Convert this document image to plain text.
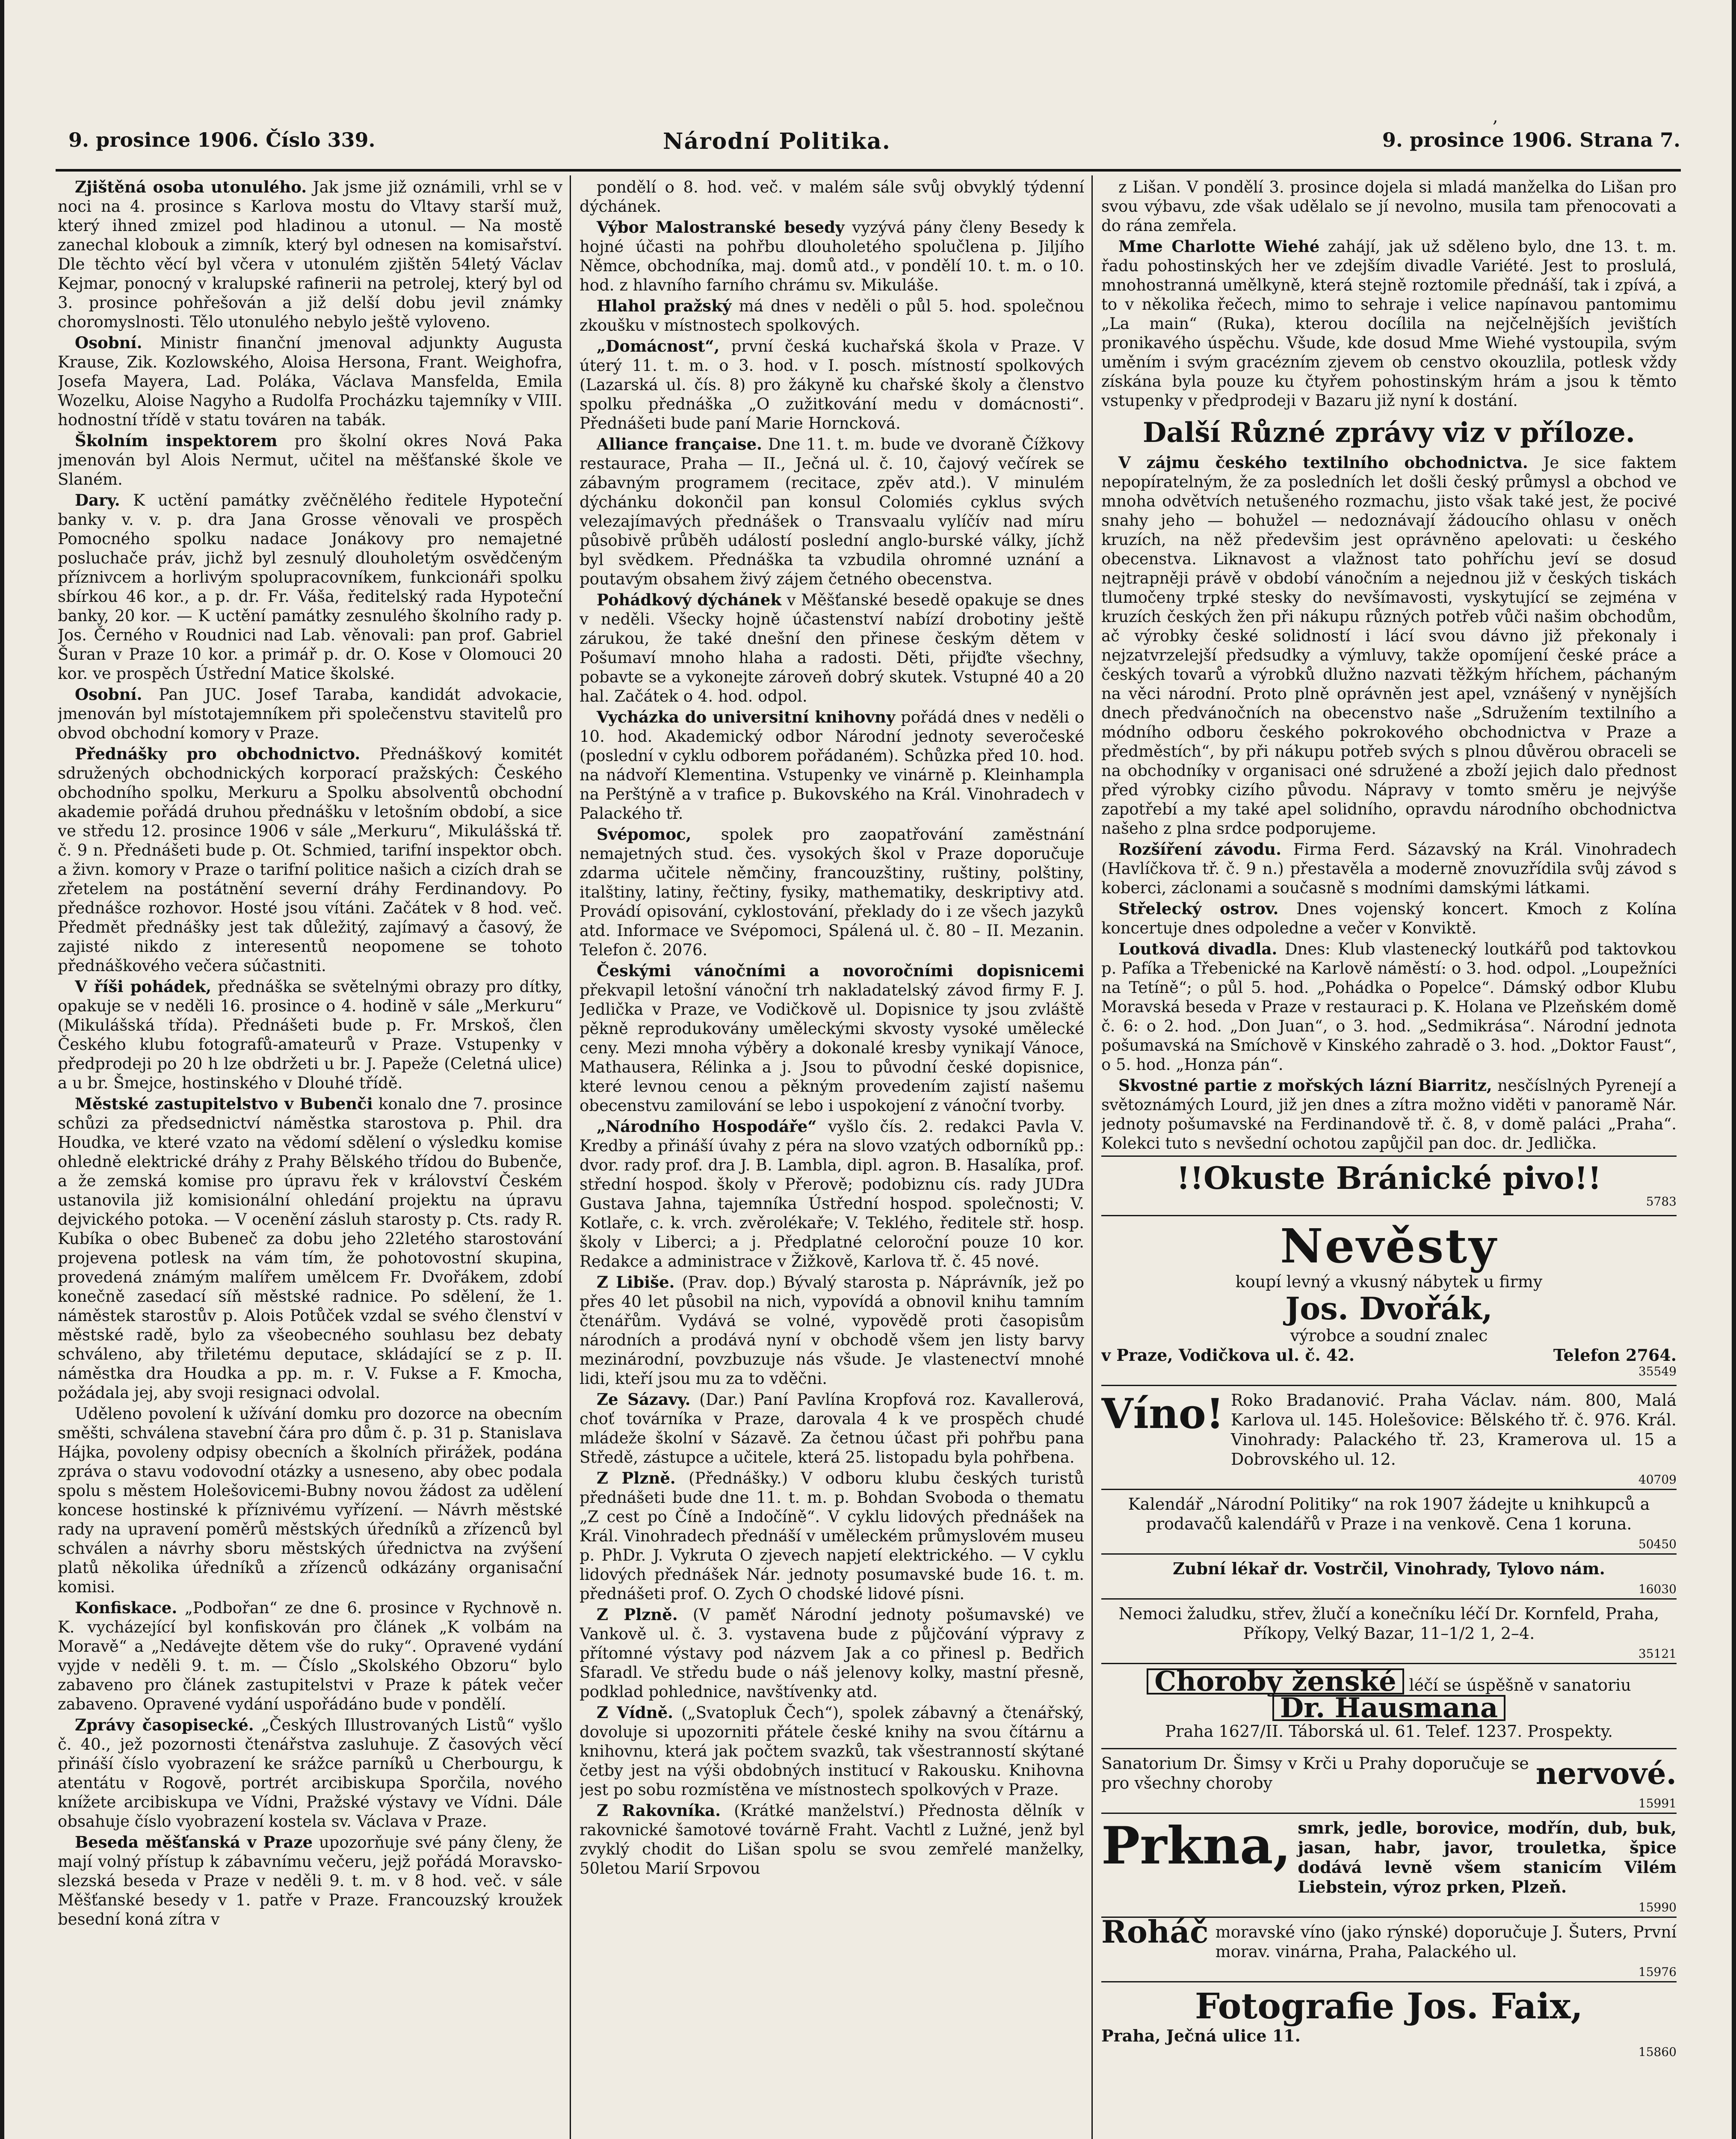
9. prosince 1906. Číslo 339.	Národní Politika.	9. prosince 1906. Strana 7.
,

Zjištěná osoba utonulého. Jak jsme již oznámili, vrhl se v noci na 4. prosince s Karlova mostu do Vltavy starší muž, který ihned zmizel pod hladinou a utonul. — Na mostě zanechal klobouk a zimník, který byl odnesen na komisařství. Dle těchto věcí byl včera v utonulém zjištěn 54letý Václav Kejmar, ponocný v kralupské rafinerii na petrolej, který byl od 3. prosince pohřešován a již delší dobu jevil známky choromyslnosti. Tělo utonulého nebylo ještě vyloveno.

Osobní. Ministr finanční jmenoval adjunkty Augusta Krause, Zik. Kozlowského, Aloisa Hersona, Frant. Weighofra, Josefa Mayera, Lad. Poláka, Václava Mansfelda, Emila Wozelku, Aloise Nagyho a Rudolfa Procházku tajemníky v VIII. hodnostní třídě v statu továren na tabák.

Školním inspektorem pro školní okres Nová Paka jmenován byl Alois Nermut, učitel na měšťanské škole ve Slaném.

Dary. K uctění památky zvěčnělého ředitele Hypoteční banky v. v. p. dra Jana Grosse věnovali ve prospěch Pomocného spolku nadace Jonákovy pro nemajetné posluchače práv, jichž byl zesnulý dlouholetým osvědčeným příznivcem a horlivým spolupracovníkem, funkcionáři spolku sbírkou 46 kor., a p. dr. Fr. Váša, ředitelský rada Hypoteční banky, 20 kor. — K uctění památky zesnulého školního rady p. Jos. Černého v Roudnici nad Lab. věnovali: pan prof. Gabriel Šuran v Praze 10 kor. a primář p. dr. O. Kose v Olomouci 20 kor. ve prospěch Ústřední Matice školské.

Osobní. Pan JUC. Josef Taraba, kandidát advokacie, jmenován byl místotajemníkem při společenstvu stavitelů pro obvod obchodní komory v Praze.

Přednášky pro obchodnictvo. Přednáškový komitét sdružených obchodnických korporací pražských: Českého obchodního spolku, Merkuru a Spolku absolventů obchodní akademie pořádá druhou přednášku v letošním období, a sice ve středu 12. prosince 1906 v sále „Merkuru“, Mikulášská tř. č. 9 n. Přednášeti bude p. Ot. Schmied, tarifní inspektor obch. a živn. komory v Praze o tarifní politice našich a cizích drah se zřetelem na postátnění severní dráhy Ferdinandovy. Po přednášce rozhovor. Hosté jsou vítáni. Začátek v 8 hod. več. Předmět přednášky jest tak důležitý, zajímavý a časový, že zajisté nikdo z interesentů neopomene se tohoto přednáškového večera súčastniti.

V říši pohádek, přednáška se světelnými obrazy pro dítky, opakuje se v neděli 16. prosince o 4. hodině v sále „Merkuru“ (Mikulášská třída). Přednášeti bude p. Fr. Mrskoš, člen Českého klubu fotografů-amateurů v Praze. Vstupenky v předprodeji po 20 h lze obdržeti u br. J. Papeže (Celetná ulice) a u br. Šmejce, hostinského v Dlouhé třídě.

Městské zastupitelstvo v Bubenči konalo dne 7. prosince schůzi za předsednictví náměstka starostova p. Phil. dra Houdka, ve které vzato na vědomí sdělení o výsledku komise ohledně elektrické dráhy z Prahy Bělského třídou do Bubenče, a že zemská komise pro úpravu řek v království Českém ustanovila již komisionální ohledání projektu na úpravu dejvického potoka. — V ocenění zásluh starosty p. Cts. rady R. Kubíka o obec Bubeneč za dobu jeho 22letého starostování projevena potlesk na vám tím, že pohotovostní skupina, provedená známým malířem umělcem Fr. Dvořákem, zdobí konečně zasedací síň městské radnice. Po sdělení, že 1. náměstek starostův p. Alois Potůček vzdal se svého členství v městské radě, bylo za všeobecného souhlasu bez debaty schváleno, aby třiletému deputace, skládající se z p. II. náměstka dra Houdka a pp. m. r. V. Fukse a F. Kmocha, požádala jej, aby svoji resignaci odvolal.

Uděleno povolení k užívání domku pro dozorce na obecním směšti, schválena stavební čára pro dům č. p. 31 p. Stanislava Hájka, povoleny odpisy obecních a školních přirážek, podána zpráva o stavu vodovodní otázky a usneseno, aby obec podala spolu s městem Holešovicemi-Bubny novou žádost za udělení koncese hostinské k příznivému vyřízení. — Návrh městské rady na upravení poměrů městských úředníků a zřízenců byl schválen a návrhy sboru městských úřednictva na zvýšení platů několika úředníků a zřízenců odkázány organisační komisi.

Konfiskace. „Podbořan“ ze dne 6. prosince v Rychnově n. K. vycházející byl konfiskován pro článek „K volbám na Moravě“ a „Nedávejte dětem vše do ruky“. Opravené vydání vyjde v neděli 9. t. m. — Číslo „Skolského Obzoru“ bylo zabaveno pro článek zastupitelstvi v Praze k pátek večer zabaveno. Opravené vydání uspořádáno bude v pondělí.

Zprávy časopisecké. „Českých Illustrovaných Listů“ vyšlo č. 40., jež pozornosti čtenářstva zasluhuje. Z časových věcí přináší číslo vyobrazení ke srážce parníků u Cherbourgu, k atentátu v Rogově, portrét arcibiskupa Sporčila, nového knížete arcibiskupa ve Vídni, Pražské výstavy ve Vídni. Dále obsahuje číslo vyobrazení kostela sv. Václava v Praze.

Beseda měšťanská v Praze upozorňuje své pány členy, že mají volný přístup k zábavnímu večeru, jejž pořádá Moravsko-slezská beseda v Praze v neděli 9. t. m. v 8 hod. več. v sále Měšťanské besedy v 1. patře v Praze. Francouzský kroužek besední koná zítra v

pondělí o 8. hod. več. v malém sále svůj obvyklý týdenní dýchánek.

Výbor Malostranské besedy vyzývá pány členy Besedy k hojné účasti na pohřbu dlouholetého spolučlena p. Jiljího Němce, obchodníka, maj. domů atd., v pondělí 10. t. m. o 10. hod. z hlavního farního chrámu sv. Mikuláše.

Hlahol pražský má dnes v neděli o půl 5. hod. společnou zkoušku v místnostech spolkových.

„Domácnost“, první česká kuchařská škola v Praze. V úterý 11. t. m. o 3. hod. v I. posch. místností spolkových (Lazarská ul. čís. 8) pro žákyně ku chařské školy a členstvo spolku přednáška „O zužitkování medu v domácnosti“. Přednášeti bude paní Marie Horncková.

Alliance française. Dne 11. t. m. bude ve dvoraně Čížkovy restaurace, Praha — II., Ječná ul. č. 10, čajový večírek se zábavným programem (recitace, zpěv atd.). V minulém dýchánku dokončil pan konsul Colomiés cyklus svých velezajímavých přednášek o Transvaalu vylíčív nad míru působivě průběh událostí poslední anglo-burské války, jíchž byl svědkem. Přednáška ta vzbudila ohromné uznání a poutavým obsahem živý zájem četného obecenstva.

Pohádkový dýchánek v Měšťanské besedě opakuje se dnes v neděli. Všecky hojně účastenství nabízí drobotiny ještě zárukou, že také dnešní den přinese českým dětem v Pošumaví mnoho hlaha a radosti. Děti, přijďte všechny, pobavte se a vykonejte zároveň dobrý skutek. Vstupné 40 a 20 hal. Začátek o 4. hod. odpol.

Vycházka do universitní knihovny pořádá dnes v neděli o 10. hod. Akademický odbor Národní jednoty severočeské (poslední v cyklu odborem pořádaném). Schůzka před 10. hod. na nádvoří Klementina. Vstupenky ve vinárně p. Kleinhampla na Perštýně a v trafice p. Bukovského na Král. Vinohradech v Palackého tř.

Svépomoc, spolek pro zaopatřování zaměstnání nemajetných stud. čes. vysokých škol v Praze doporučuje zdarma učitele němčiny, francouzštiny, ruštiny, polštiny, italštiny, latiny, řečtiny, fysiky, mathematiky, deskriptivy atd. Provádí opisování, cyklostování, překlady do i ze všech jazyků atd. Informace ve Svépomoci, Spálená ul. č. 80 – II. Mezanin. Telefon č. 2076.

Českými vánočními a novoročními dopisnicemi překvapil letošní vánoční trh nakladatelský závod firmy F. J. Jedlička v Praze, ve Vodičkově ul. Dopisnice ty jsou zvláště pěkně reprodukovány uměleckými skvosty vysoké umělecké ceny. Mezi mnoha výběry a dokonalé kresby vynikají Vánoce, Mathausera, Rélinka a j. Jsou to původní české dopisnice, které levnou cenou a pěkným provedením zajistí našemu obecenstvu zamilování se lebo i uspokojení z vánoční tvorby.

„Národního Hospodáře“ vyšlo čís. 2. redakci Pavla V. Kredby a přináší úvahy z péra na slovo vzatých odborníků pp.: dvor. rady prof. dra J. B. Lambla, dipl. agron. B. Hasalíka, prof. střední hospod. školy v Přerově; podobiznu cís. rady JUDra Gustava Jahna, tajemníka Ústřední hospod. společnosti; V. Kotlaře, c. k. vrch. zvěrolékaře; V. Teklého, ředitele stř. hosp. školy v Liberci; a j. Předplatné celoroční pouze 10 kor. Redakce a administrace v Žižkově, Karlova tř. č. 45 nové.

Z Libiše. (Prav. dop.) Bývalý starosta p. Náprávník, jež po přes 40 let působil na nich, vypovídá a obnovil knihu tamním čtenářům. Vydává se volné, vypovědě proti časopisům národních a prodává nyní v obchodě všem jen listy barvy mezinárodní, povzbuzuje nás všude. Je vlastenectví mnohé lidi, kteří jsou mu za to vděčni.

Ze Sázavy. (Dar.) Paní Pavlína Kropfová roz. Kavallerová, choť továrníka v Praze, darovala 4 k ve prospěch chudé mládeže školní v Sázavě. Za četnou účast při pohřbu pana Středě, zástupce a učitele, která 25. listopadu byla pohřbena.

Z Plzně. (Přednášky.) V odboru klubu českých turistů přednášeti bude dne 11. t. m. p. Bohdan Svoboda o thematu „Z cest po Číně a Indočíně“. V cyklu lidových přednášek na Král. Vinohradech přednáší v uměleckém průmyslovém museu p. PhDr. J. Vykruta O zjevech napjetí elektrického. — V cyklu lidových přednášek Nár. jednoty posumavské bude 16. t. m. přednášeti prof. O. Zych O chodské lidové písni.

Z Plzně. (V paměť Národní jednoty pošumavské) ve Vankově ul. č. 3. vystavena bude z půjčování výpravy z přítomné výstavy pod názvem Jak a co přinesl p. Bedřich Sfaradl. Ve středu bude o náš jelenovy kolky, mastní přesně, podklad pohlednice, navštívenky atd.

Z Vídně. („Svatopluk Čech“), spolek zábavný a čtenářský, dovoluje si upozorniti přátele české knihy na svou čítárnu a knihovnu, která jak počtem svazků, tak všestranností skýtané četby jest na výši obdobných institucí v Rakousku. Knihovna jest po sobu rozmístěna ve místnostech spolkových v Praze.

Z Rakovníka. (Krátké manželství.) Přednosta dělník v rakovnické šamotové továrně Fraht. Vachtl z Lužné, jenž byl zvyklý chodit do Lišan spolu se svou zemřelé manželky, 50letou Marií Srpovou

z Lišan. V pondělí 3. prosince dojela si mladá manželka do Lišan pro svou výbavu, zde však udělalo se jí nevolno, musila tam přenocovati a do rána zemřela.

Mme Charlotte Wiehé zahájí, jak už sděleno bylo, dne 13. t. m. řadu pohostinských her ve zdejším divadle Variété. Jest to proslulá, mnohostranná umělkyně, která stejně roztomile přednáší, tak i zpívá, a to v několika řečech, mimo to sehraje i velice napínavou pantomimu „La main“ (Ruka), kterou docílila na nejčelnějších jevištích pronikavého úspěchu. Všude, kde dosud Mme Wiehé vystoupila, svým uměním i svým gracézním zjevem ob censtvo okouzlila, potlesk vždy získána byla pouze ku čtyřem pohostinským hrám a jsou k těmto vstupenky v předprodeji v Bazaru již nyní k dostání.

Další Různé zprávy viz v příloze.

V zájmu českého textilního obchodnictva. Je sice faktem nepopíratelným, že za posledních let došli český průmysl a obchod ve mnoha odvětvích netušeného rozmachu, jisto však také jest, že pocivé snahy jeho — bohužel — nedoznávají žádoucího ohlasu v oněch kruzích, na něž předevšim jest oprávněno apelovati: u českého obecenstva. Liknavost a vlažnost tato pohříchu jeví se dosud nejtrapněji právě v období vánočním a nejednou již v českých tiskách tlumočeny trpké stesky do nevšímavosti, vyskytující se zejména v kruzích českých žen při nákupu různých potřeb vůči našim obchodům, ač výrobky české solidností i lácí svou dávno již překonaly i nejzatvrzelejší předsudky a výmluvy, takže opomíjení české práce a českých tovarů a výrobků dlužno nazvati těžkým hříchem, páchaným na věci národní. Proto plně oprávněn jest apel, vznášený v nynějších dnech předvánočních na obecenstvo naše „Sdružením textilního a módního odboru českého pokrokového obchodnictva v Praze a předměstích“, by při nákupu potřeb svých s plnou důvěrou obraceli se na obchodníky v organisaci oné sdružené a zboží jejich dalo přednost před výrobky cizího původu. Nápravy v tomto směru je nejvýše zapotřebí a my také apel solidního, opravdu národního obchodnictva našeho z plna srdce podporujeme.

Rozšíření závodu. Firma Ferd. Sázavský na Král. Vinohradech (Havlíčkova tř. č. 9 n.) přestavěla a moderně znovuzřídila svůj závod s koberci, záclonami a současně s modními damskými látkami.

Střelecký ostrov. Dnes vojenský koncert. Kmoch z Kolína koncertuje dnes odpoledne a večer v Konviktě.

Loutková divadla. Dnes: Klub vlastenecký loutkářů pod taktovkou p. Pafíka a Třebenické na Karlově náměstí: o 3. hod. odpol. „Loupežníci na Tetíně“; o půl 5. hod. „Pohádka o Popelce“. Dámský odbor Klubu Moravská beseda v Praze v restauraci p. K. Holana ve Plzeňském domě č. 6: o 2. hod. „Don Juan“, o 3. hod. „Sedmikrása“. Národní jednota pošumavská na Smíchově v Kinského zahradě o 3. hod. „Doktor Faust“, o 5. hod. „Honza pán“.

Skvostné partie z mořských lázní Biarritz, nesčíslných Pyrenejí a světoznámých Lourd, již jen dnes a zítra možno viděti v panoramě Nár. jednoty pošumavské na Ferdinandově tř. č. 8, v domě paláci „Praha“. Kolekci tuto s nevšední ochotou zapůjčil pan doc. dr. Jedlička.

!!Okuste Bránické pivo!!
5783
Nevěsty
koupí levný a vkusný nábytek u firmy
Jos. Dvořák,
výrobce a soudní znalec
v Praze, Vodičkova ul. č. 42.	Telefon 2764.
35549
Víno! Roko Bradanović. Praha Václav. nám. 800, Malá Karlova ul. 145. Holešovice: Bělského tř. č. 976. Král. Vinohrady: Palackého tř. 23, Kramerova ul. 15 a Dobrovského ul. 12.
40709
Kalendář „Národní Politiky“ na rok 1907 žádejte u knihkupců a prodavačů kalendářů v Praze i na venkově. Cena 1 koruna.
50450
Zubní lékař dr. Vostrčil, Vinohrady, Tylovo nám.
16030
Nemoci žaludku, střev, žlučí a konečníku léčí Dr. Kornfeld, Praha, Příkopy, Velký Bazar, 11–1/2 1, 2–4.
35121
Choroby ženské léčí se úspěšně v sanatoriu Dr. Hausmana
Praha 1627/II. Táborská ul. 61. Telef. 1237. Prospekty.
Sanatorium Dr. Šimsy v Krči u Prahy doporučuje se pro všechny choroby	nervové.
15991
Prkna, smrk, jedle, borovice, modřín, dub, buk, jasan, habr, javor, trouletka, špice dodává levně všem stanicím Vilém Liebstein, výroz prken, Plzeň.
15990
Roháč moravské víno (jako rýnské) doporučuje J. Šuters, První morav. vinárna, Praha, Palackého ul.
15976
Fotografie Jos. Faix,
Praha, Ječná ulice 11.
15860
